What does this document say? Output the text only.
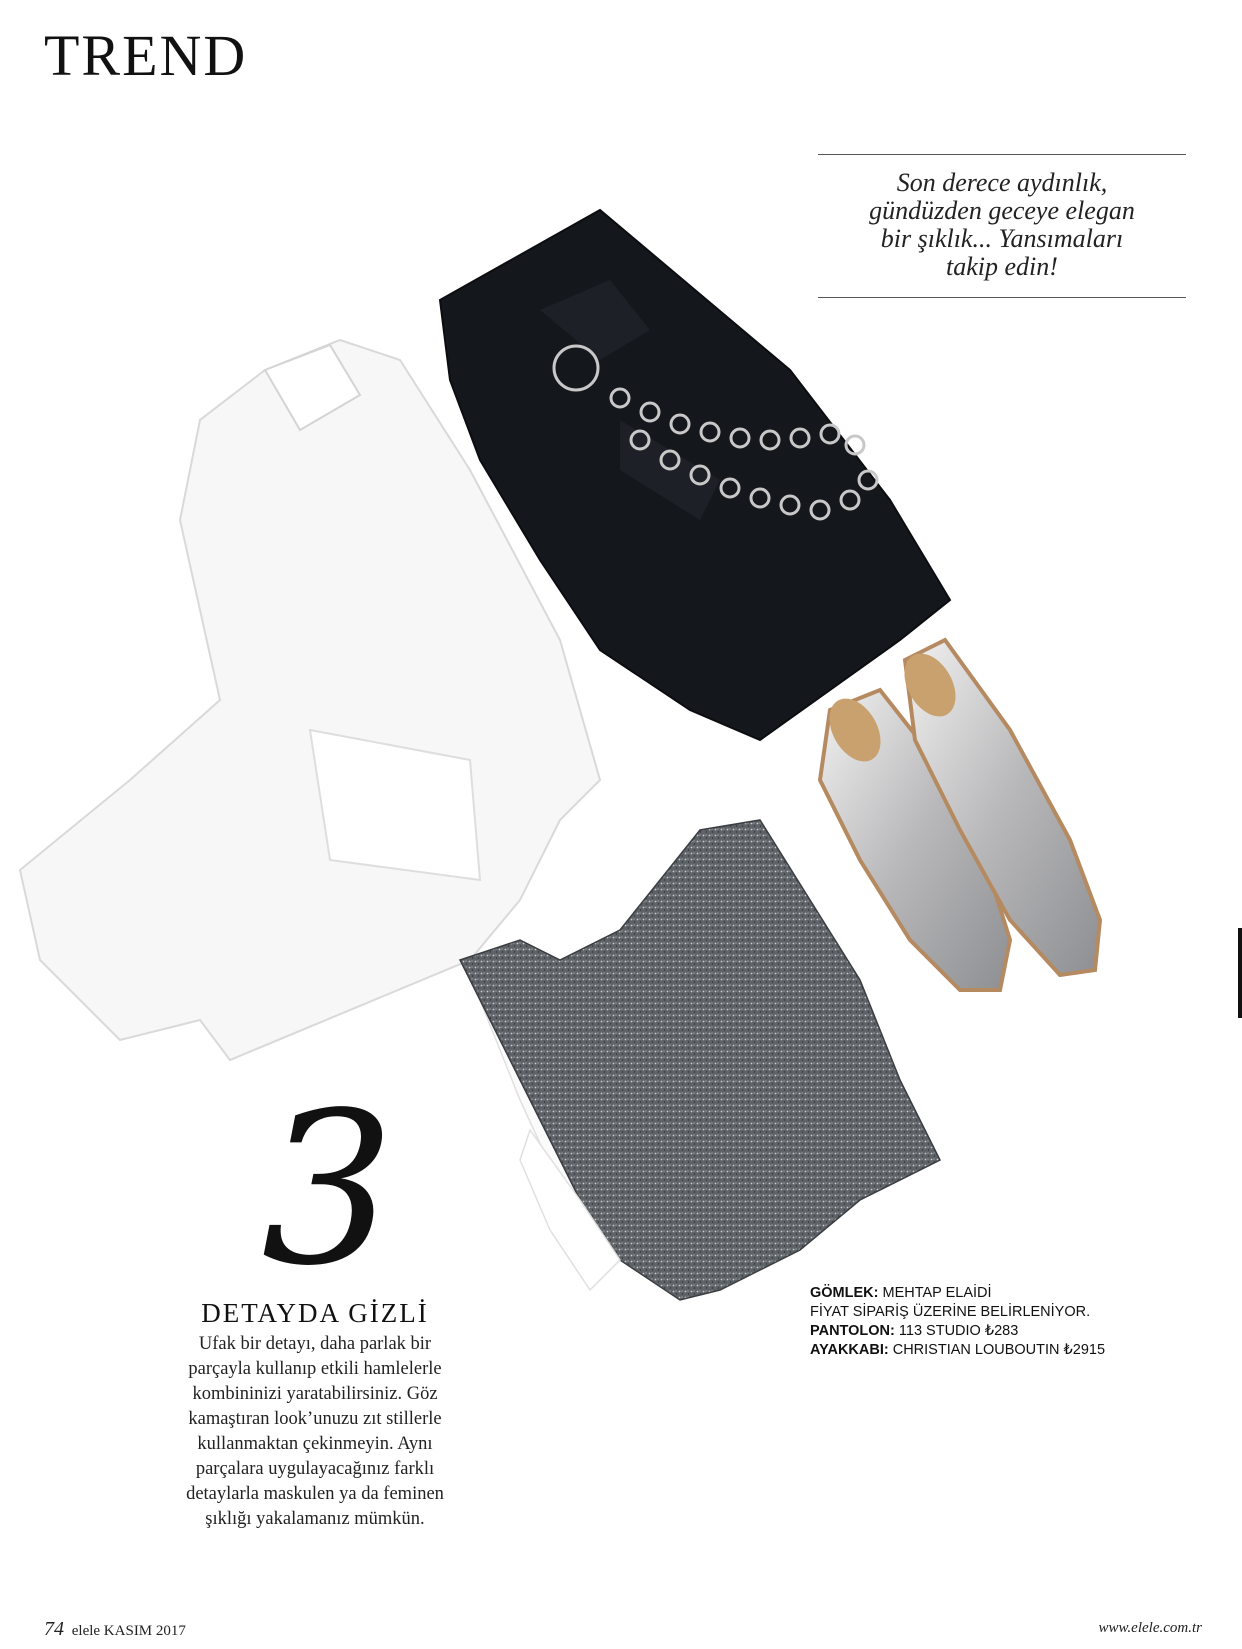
TREND
Son derece aydınlık,
gündüzden geceye elegan
bir şıklık... Yansımaları
takip edin!
3
DETAYDA GİZLİ
Ufak bir detayı, daha parlak bir parçayla kullanıp etkili hamlelerle kombininizi yaratabilirsiniz. Göz kamaştıran look’unuzu zıt stillerle kullanmaktan çekinmeyin. Aynı parçalara uygulayacağınız farklı detaylarla maskulen ya da feminen şıklığı yakalamanız mümkün.
GÖMLEK: MEHTAP ELAİDİ
FİYAT SİPARİŞ ÜZERİNE BELİRLENİYOR.
PANTOLON: 113 STUDIO ₺283
AYAKKABI: CHRISTIAN LOUBOUTIN ₺2915
74 elele KASIM 2017	www.elele.com.tr
